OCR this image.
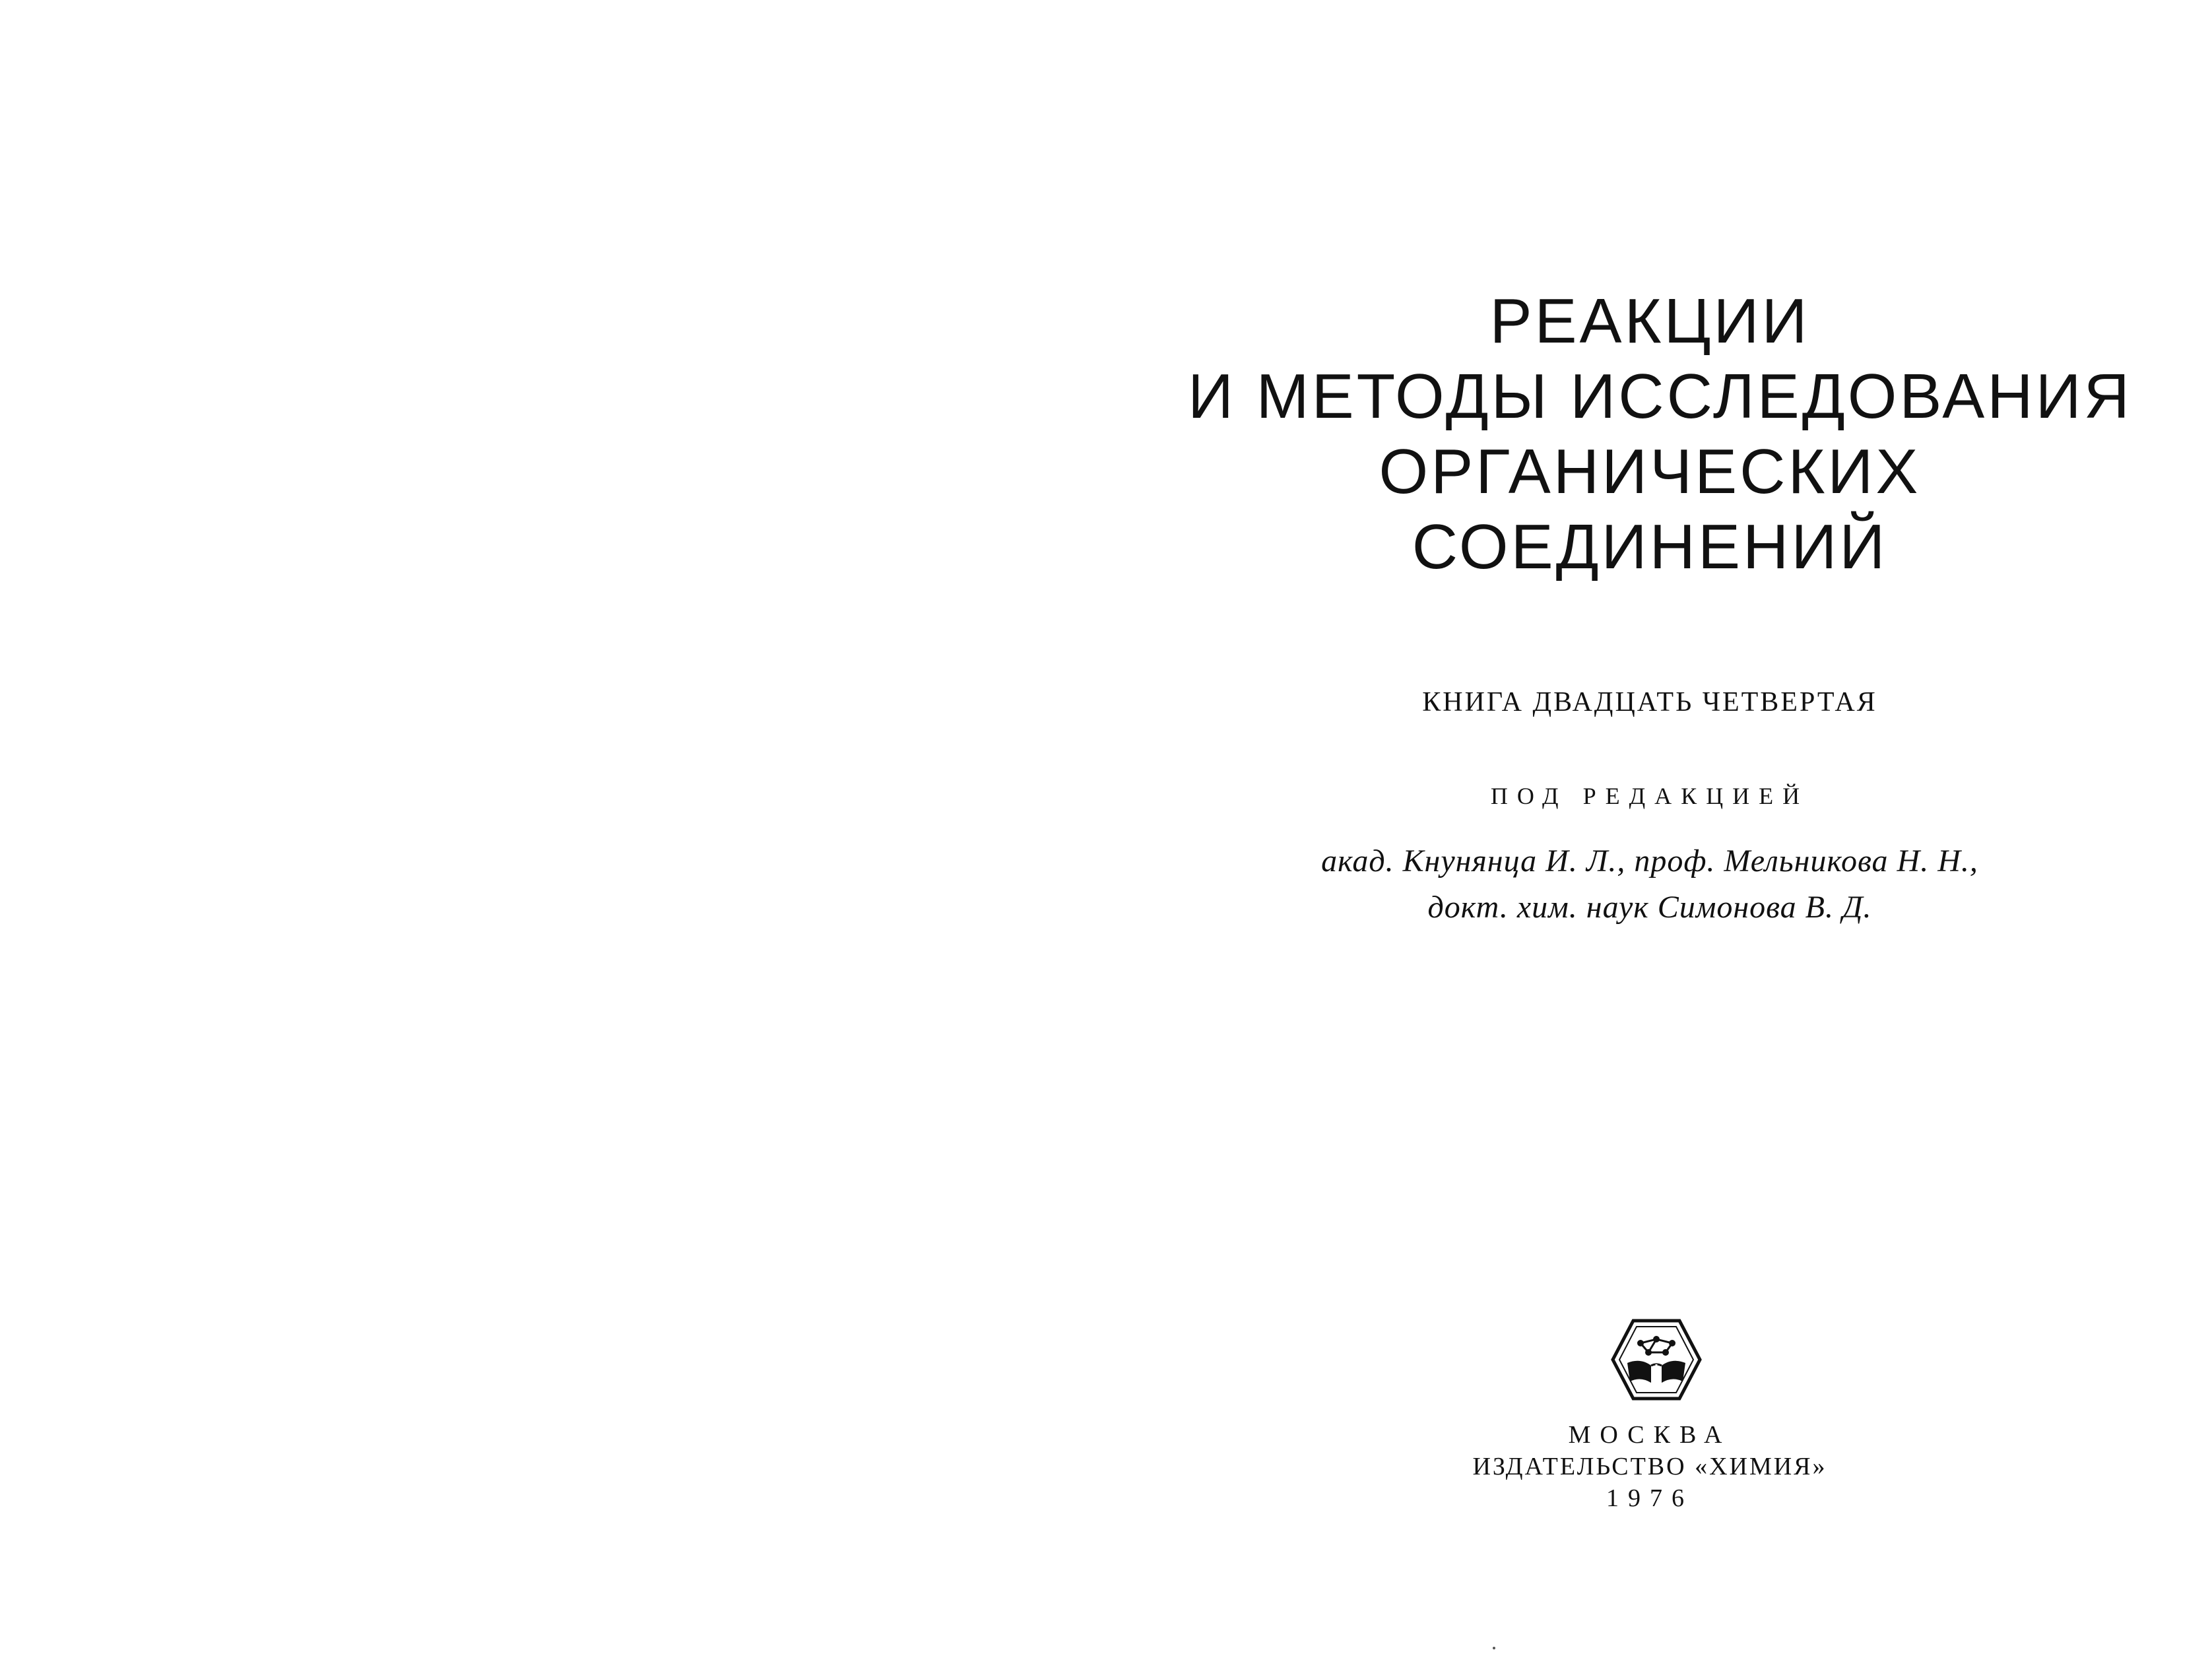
РЕАКЦИИ
И МЕТОДЫ ИССЛЕДОВАНИЯ
ОРГАНИЧЕСКИХ
СОЕДИНЕНИЙ
КНИГА ДВАДЦАТЬ ЧЕТВЕРТАЯ
ПОД РЕДАКЦИЕЙ
акад. Кнунянца И. Л., проф. Мельникова Н. Н.,
докт. хим. наук Симонова В. Д.
МОСКВА
ИЗДАТЕЛЬСТВО «ХИМИЯ»
1976
